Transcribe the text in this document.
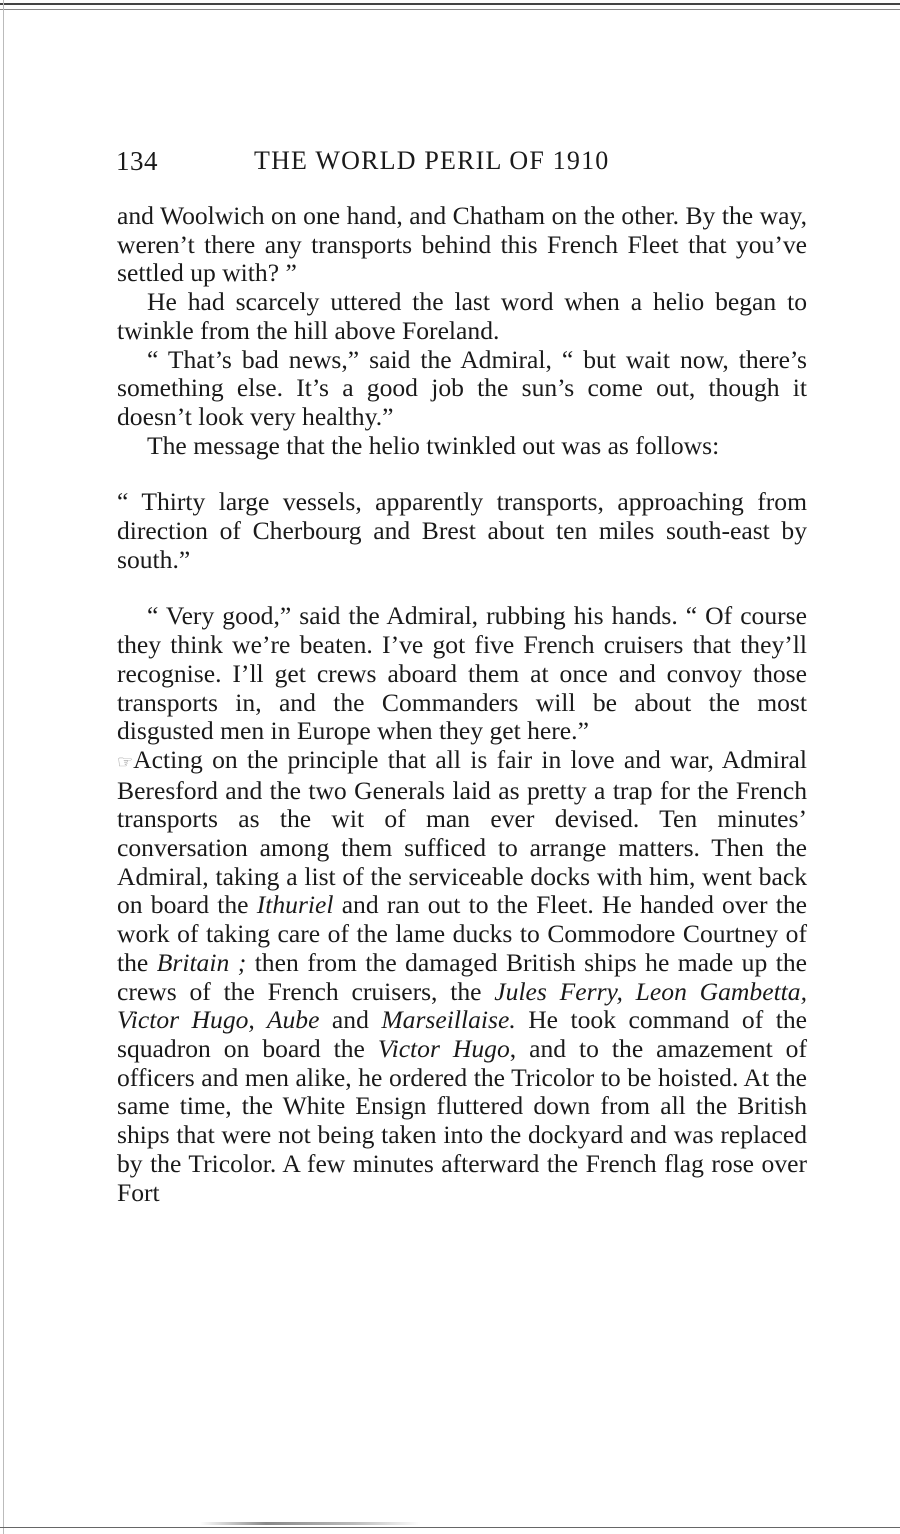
134	THE WORLD PERIL OF 1910

and Woolwich on one hand, and Chatham on the other. By the way, weren’t there any transports behind this French Fleet that you’ve settled up with? ”

He had scarcely uttered the last word when a helio began to twinkle from the hill above Foreland.

“ That’s bad news,” said the Admiral, “ but wait now, there’s something else. It’s a good job the sun’s come out, though it doesn’t look very healthy.”

The message that the helio twinkled out was as follows:

“ Thirty large vessels, apparently transports, approaching from direction of Cherbourg and Brest about ten miles south-east by south.”

“ Very good,” said the Admiral, rubbing his hands. “ Of course they think we’re beaten. I’ve got five French cruisers that they’ll recognise. I’ll get crews aboard them at once and convoy those transports in, and the Commanders will be about the most disgusted men in Europe when they get here.”

☞Acting on the principle that all is fair in love and war, Admiral Beresford and the two Generals laid as pretty a trap for the French transports as the wit of man ever devised. Ten minutes’ conversation among them sufficed to arrange matters. Then the Admiral, taking a list of the serviceable docks with him, went back on board the Ithuriel and ran out to the Fleet. He handed over the work of taking care of the lame ducks to Commodore Courtney of the Britain ; then from the damaged British ships he made up the crews of the French cruisers, the Jules Ferry, Leon Gambetta, Victor Hugo, Aube and Marseillaise. He took command of the squadron on board the Victor Hugo, and to the amazement of officers and men alike, he ordered the Tricolor to be hoisted. At the same time, the White Ensign fluttered down from all the British ships that were not being taken into the dockyard and was replaced by the Tricolor. A few minutes afterward the French flag rose over Fort
